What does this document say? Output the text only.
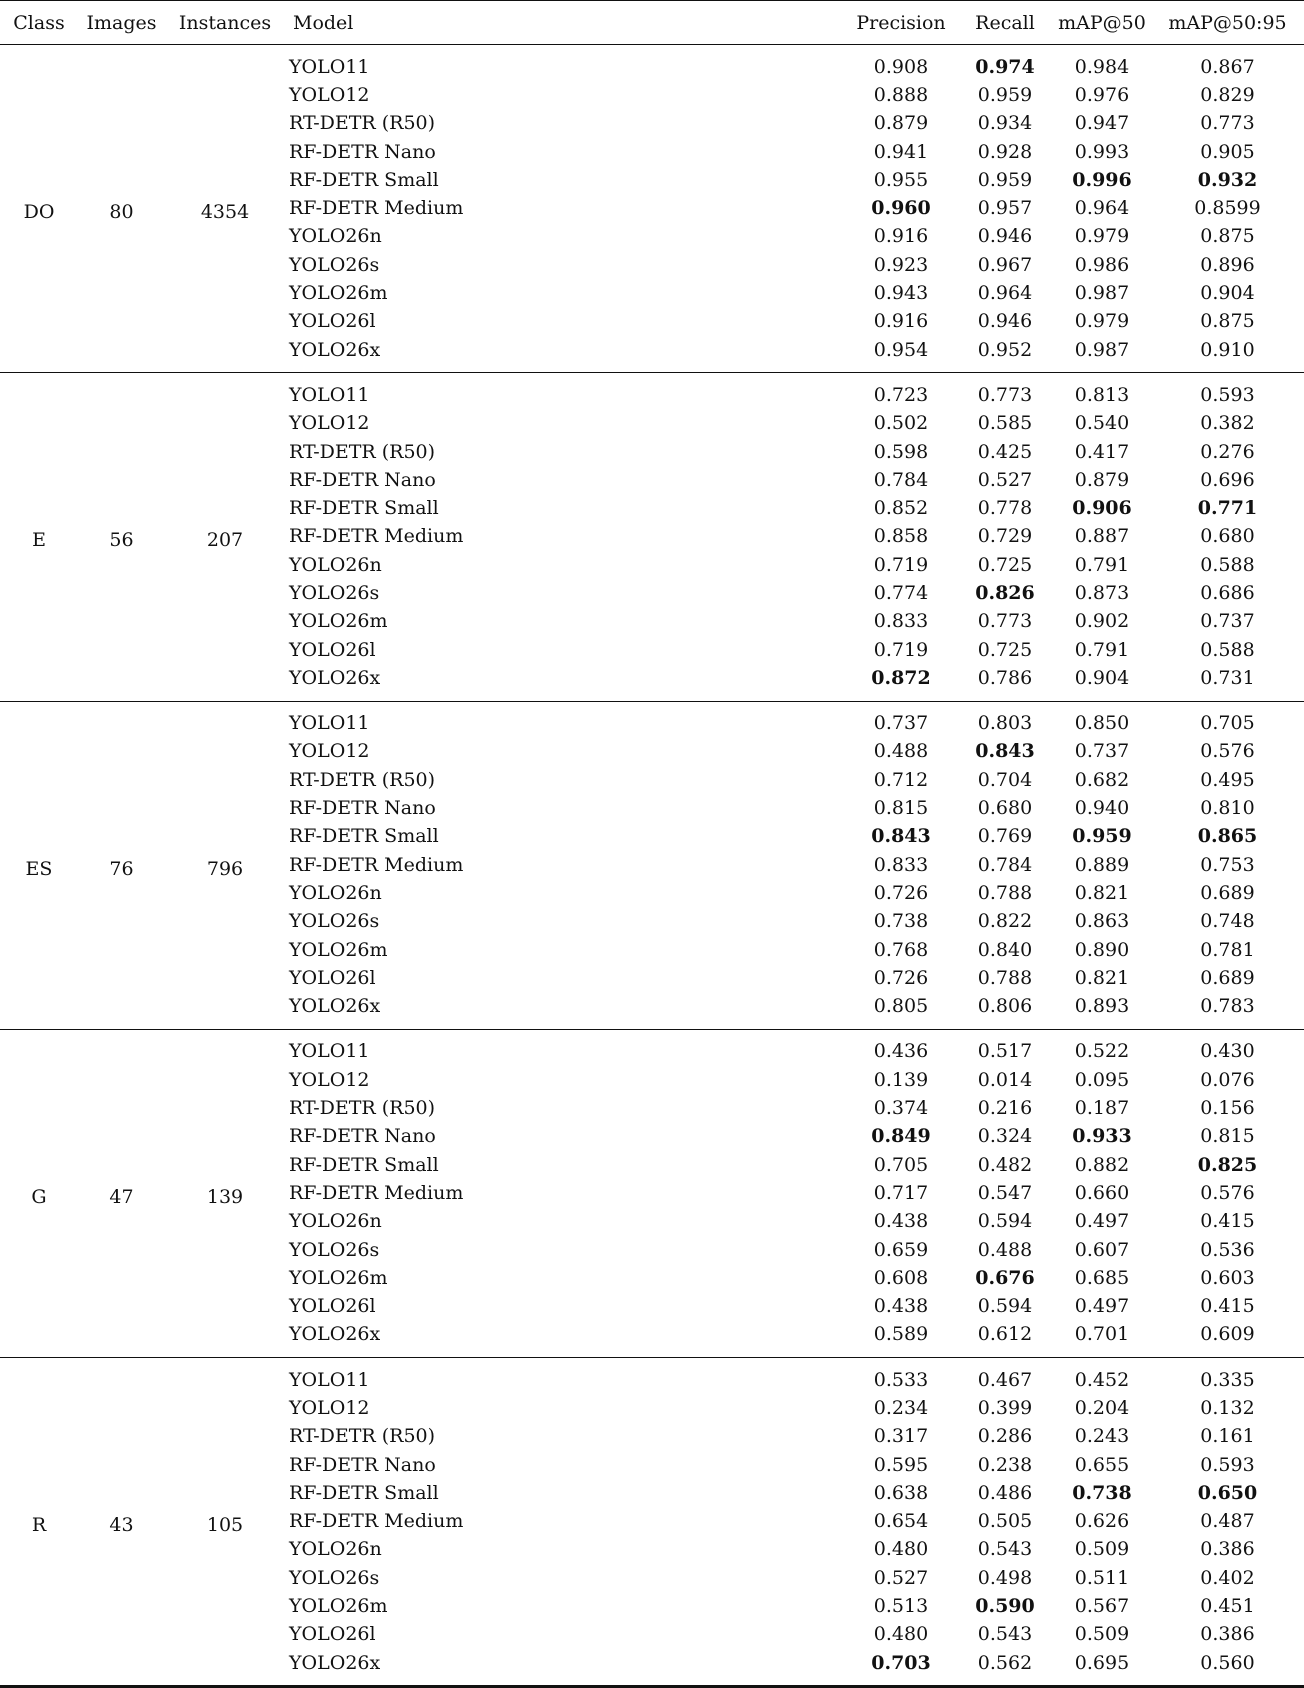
Class	Images	Instances	Model	Precision	Recall	mAP@50	mAP@50:95
DO	80	4354	YOLO11	0.908	0.974	0.984	0.867
			YOLO12	0.888	0.959	0.976	0.829
			RT-DETR (R50)	0.879	0.934	0.947	0.773
			RF-DETR Nano	0.941	0.928	0.993	0.905
			RF-DETR Small	0.955	0.959	0.996	0.932
			RF-DETR Medium	0.960	0.957	0.964	0.8599
			YOLO26n	0.916	0.946	0.979	0.875
			YOLO26s	0.923	0.967	0.986	0.896
			YOLO26m	0.943	0.964	0.987	0.904
			YOLO26l	0.916	0.946	0.979	0.875
			YOLO26x	0.954	0.952	0.987	0.910
E	56	207	YOLO11	0.723	0.773	0.813	0.593
			YOLO12	0.502	0.585	0.540	0.382
			RT-DETR (R50)	0.598	0.425	0.417	0.276
			RF-DETR Nano	0.784	0.527	0.879	0.696
			RF-DETR Small	0.852	0.778	0.906	0.771
			RF-DETR Medium	0.858	0.729	0.887	0.680
			YOLO26n	0.719	0.725	0.791	0.588
			YOLO26s	0.774	0.826	0.873	0.686
			YOLO26m	0.833	0.773	0.902	0.737
			YOLO26l	0.719	0.725	0.791	0.588
			YOLO26x	0.872	0.786	0.904	0.731
ES	76	796	YOLO11	0.737	0.803	0.850	0.705
			YOLO12	0.488	0.843	0.737	0.576
			RT-DETR (R50)	0.712	0.704	0.682	0.495
			RF-DETR Nano	0.815	0.680	0.940	0.810
			RF-DETR Small	0.843	0.769	0.959	0.865
			RF-DETR Medium	0.833	0.784	0.889	0.753
			YOLO26n	0.726	0.788	0.821	0.689
			YOLO26s	0.738	0.822	0.863	0.748
			YOLO26m	0.768	0.840	0.890	0.781
			YOLO26l	0.726	0.788	0.821	0.689
			YOLO26x	0.805	0.806	0.893	0.783
G	47	139	YOLO11	0.436	0.517	0.522	0.430
			YOLO12	0.139	0.014	0.095	0.076
			RT-DETR (R50)	0.374	0.216	0.187	0.156
			RF-DETR Nano	0.849	0.324	0.933	0.815
			RF-DETR Small	0.705	0.482	0.882	0.825
			RF-DETR Medium	0.717	0.547	0.660	0.576
			YOLO26n	0.438	0.594	0.497	0.415
			YOLO26s	0.659	0.488	0.607	0.536
			YOLO26m	0.608	0.676	0.685	0.603
			YOLO26l	0.438	0.594	0.497	0.415
			YOLO26x	0.589	0.612	0.701	0.609
R	43	105	YOLO11	0.533	0.467	0.452	0.335
			YOLO12	0.234	0.399	0.204	0.132
			RT-DETR (R50)	0.317	0.286	0.243	0.161
			RF-DETR Nano	0.595	0.238	0.655	0.593
			RF-DETR Small	0.638	0.486	0.738	0.650
			RF-DETR Medium	0.654	0.505	0.626	0.487
			YOLO26n	0.480	0.543	0.509	0.386
			YOLO26s	0.527	0.498	0.511	0.402
			YOLO26m	0.513	0.590	0.567	0.451
			YOLO26l	0.480	0.543	0.509	0.386
			YOLO26x	0.703	0.562	0.695	0.560
